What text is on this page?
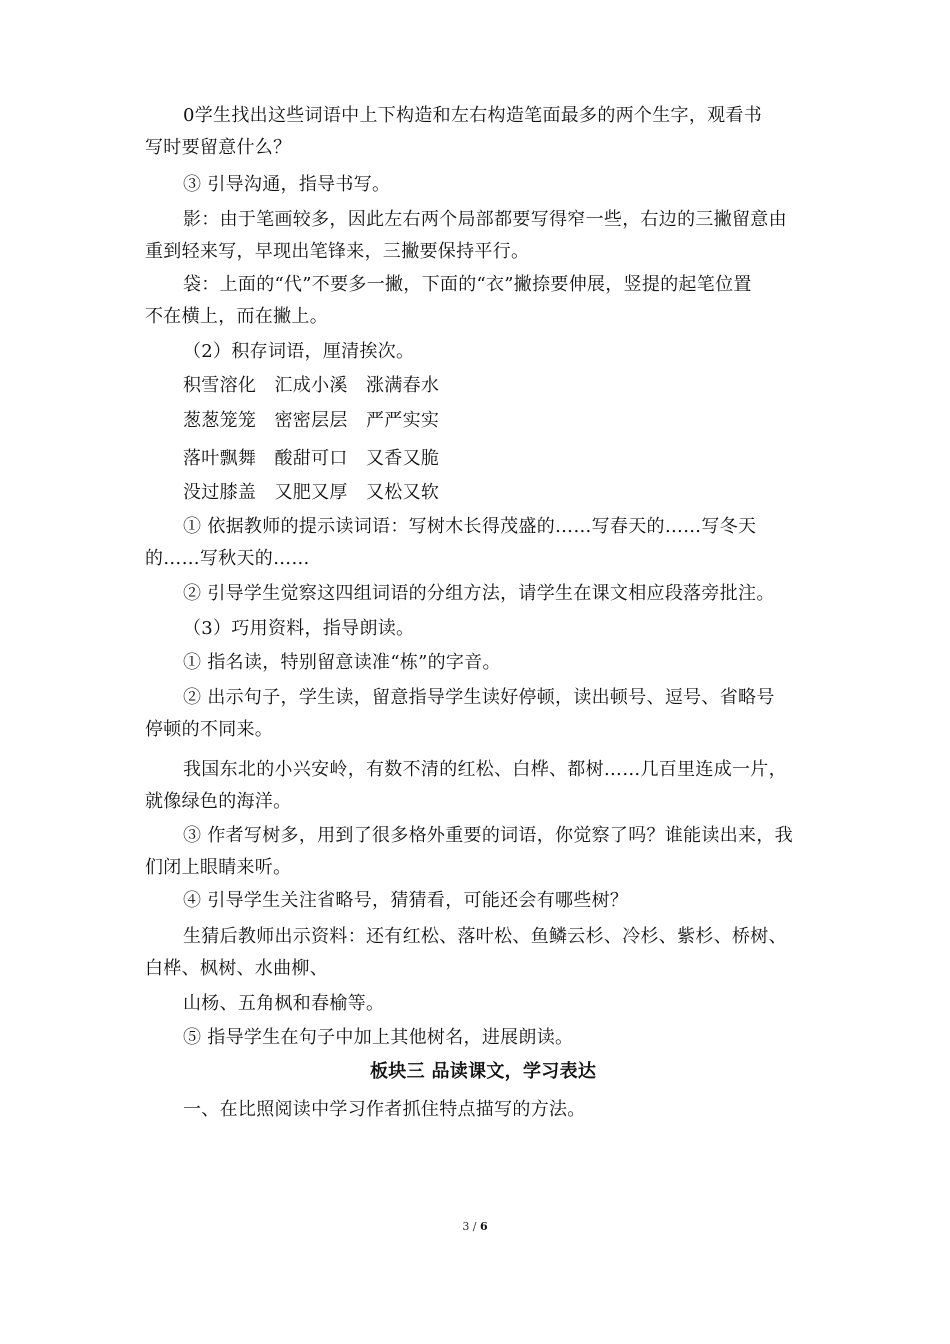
0学生找出这些词语中上下构造和左右构造笔面最多的两个生字，观看书
写时要留意什么？
③ 引导沟通，指导书写。
影：由于笔画较多，因此左右两个局部都要写得窄一些，右边的三撇留意由
重到轻来写，早现出笔锋来，三撇要保持平行。
袋：上面的“代”不要多一撇，下面的“衣”撇捺要伸展，竖提的起笔位置
不在横上，而在撇上。
（2）积存词语，厘清挨次。
积雪溶化　汇成小溪　涨满春水
葱葱笼笼　密密层层　严严实实
落叶飘舞　酸甜可口　又香又脆
没过膝盖　又肥又厚　又松又软
① 依据教师的提示读词语：写树木长得茂盛的……写春天的……写冬天
的……写秋天的……
② 引导学生觉察这四组词语的分组方法，请学生在课文相应段落旁批注。
（3）巧用资料，指导朗读。
① 指名读，特别留意读准“栋”的字音。
② 出示句子，学生读，留意指导学生读好停顿，读出顿号、逗号、省略号
停顿的不同来。
我国东北的小兴安岭，有数不清的红松、白桦、都树……几百里连成一片，
就像绿色的海洋。
③ 作者写树多，用到了很多格外重要的词语，你觉察了吗？谁能读出来，我
们闭上眼睛来听。
④ 引导学生关注省略号，猜猜看，可能还会有哪些树？
生猜后教师出示资料：还有红松、落叶松、鱼鳞云杉、冷杉、紫杉、桥树、
白桦、枫树、水曲柳、
山杨、五角枫和春榆等。
⑤ 指导学生在句子中加上其他树名，进展朗读。
板块三 品读课文，学习表达
一、在比照阅读中学习作者抓住特点描写的方法。
3 / 6
